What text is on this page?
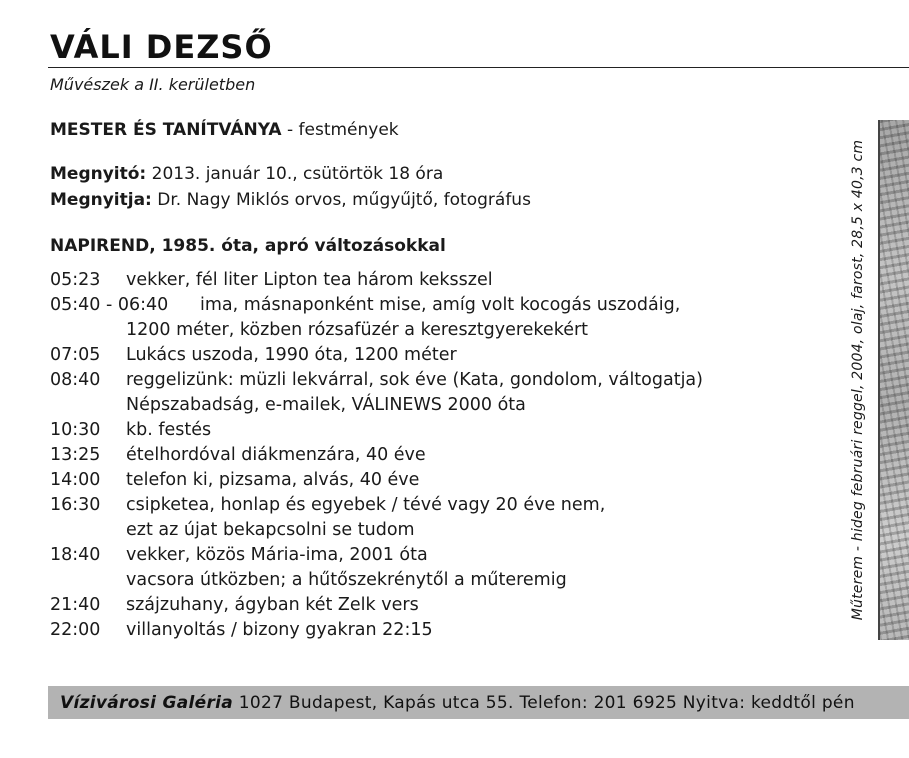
VÁLI DEZSŐ
Művészek a II. kerületben
MESTER ÉS TANÍTVÁNYA - festmények
Megnyitó: 2013. január 10., csütörtök 18 óra
Megnyitja: Dr. Nagy Miklós orvos, műgyűjtő, fotográfus
NAPIREND, 1985. óta, apró változásokkal
05:23	vekker, fél liter Lipton tea három keksszel
05:40 - 06:40	ima, másnaponként mise, amíg volt kocogás uszodáig,
1200 méter, közben rózsafüzér a keresztgyerekekért
07:05	Lukács uszoda, 1990 óta, 1200 méter
08:40	reggelizünk: müzli lekvárral, sok éve (Kata, gondolom, váltogatja)
Népszabadság, e-mailek, VÁLINEWS 2000 óta
10:30	kb. festés
13:25	ételhordóval diákmenzára, 40 éve
14:00	telefon ki, pizsama, alvás, 40 éve
16:30	csipketea, honlap és egyebek / tévé vagy 20 éve nem,
ezt az újat bekapcsolni se tudom
18:40	vekker, közös Mária-ima, 2001 óta
vacsora útközben; a hűtőszekrénytől a műteremig
21:40	szájzuhany, ágyban két Zelk vers
22:00	villanyoltás / bizony gyakran 22:15
Műterem - hideg februári reggel, 2004, olaj, farost, 28,5 x 40,3 cm
Vízivárosi Galéria 1027 Budapest, Kapás utca 55. Telefon: 201 6925 Nyitva: keddtől pén
